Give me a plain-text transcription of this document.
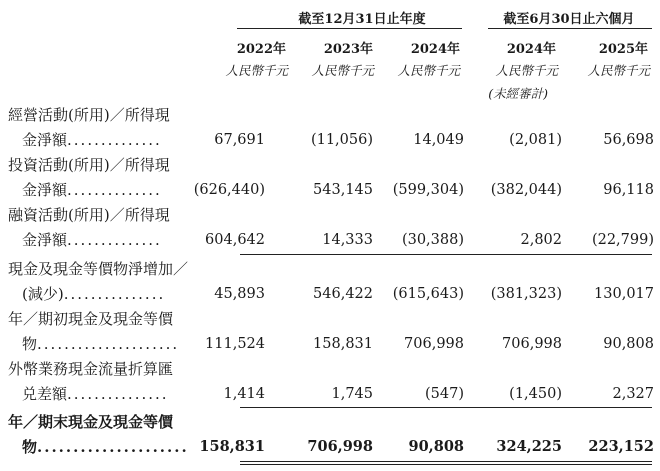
截至12月31日止年度	截至6月30日止六個月
2022年	2023年	2024年	2024年	2025年
人民幣千元	人民幣千元	人民幣千元	人民幣千元	人民幣千元
(未經審計)
經營活動(所用)／所得現
金淨額..............	67,691	(11,056)	14,049	(2,081)	56,698
投資活動(所用)／所得現
金淨額..............	(626,440)	543,145	(599,304)	(382,044)	96,118
融資活動(所用)／所得現
金淨額..............	604,642	14,333	(30,388)	2,802	(22,799)
現金及現金等價物淨增加／
(減少)...............	45,893	546,422	(615,643)	(381,323)	130,017
年／期初現金及現金等價
物.....................	111,524	158,831	706,998	706,998	90,808
外幣業務現金流量折算匯
兑差額...............	1,414	1,745	(547)	(1,450)	2,327
年／期末現金及現金等價
物..................... 158,831	706,998	90,808	324,225	223,152
